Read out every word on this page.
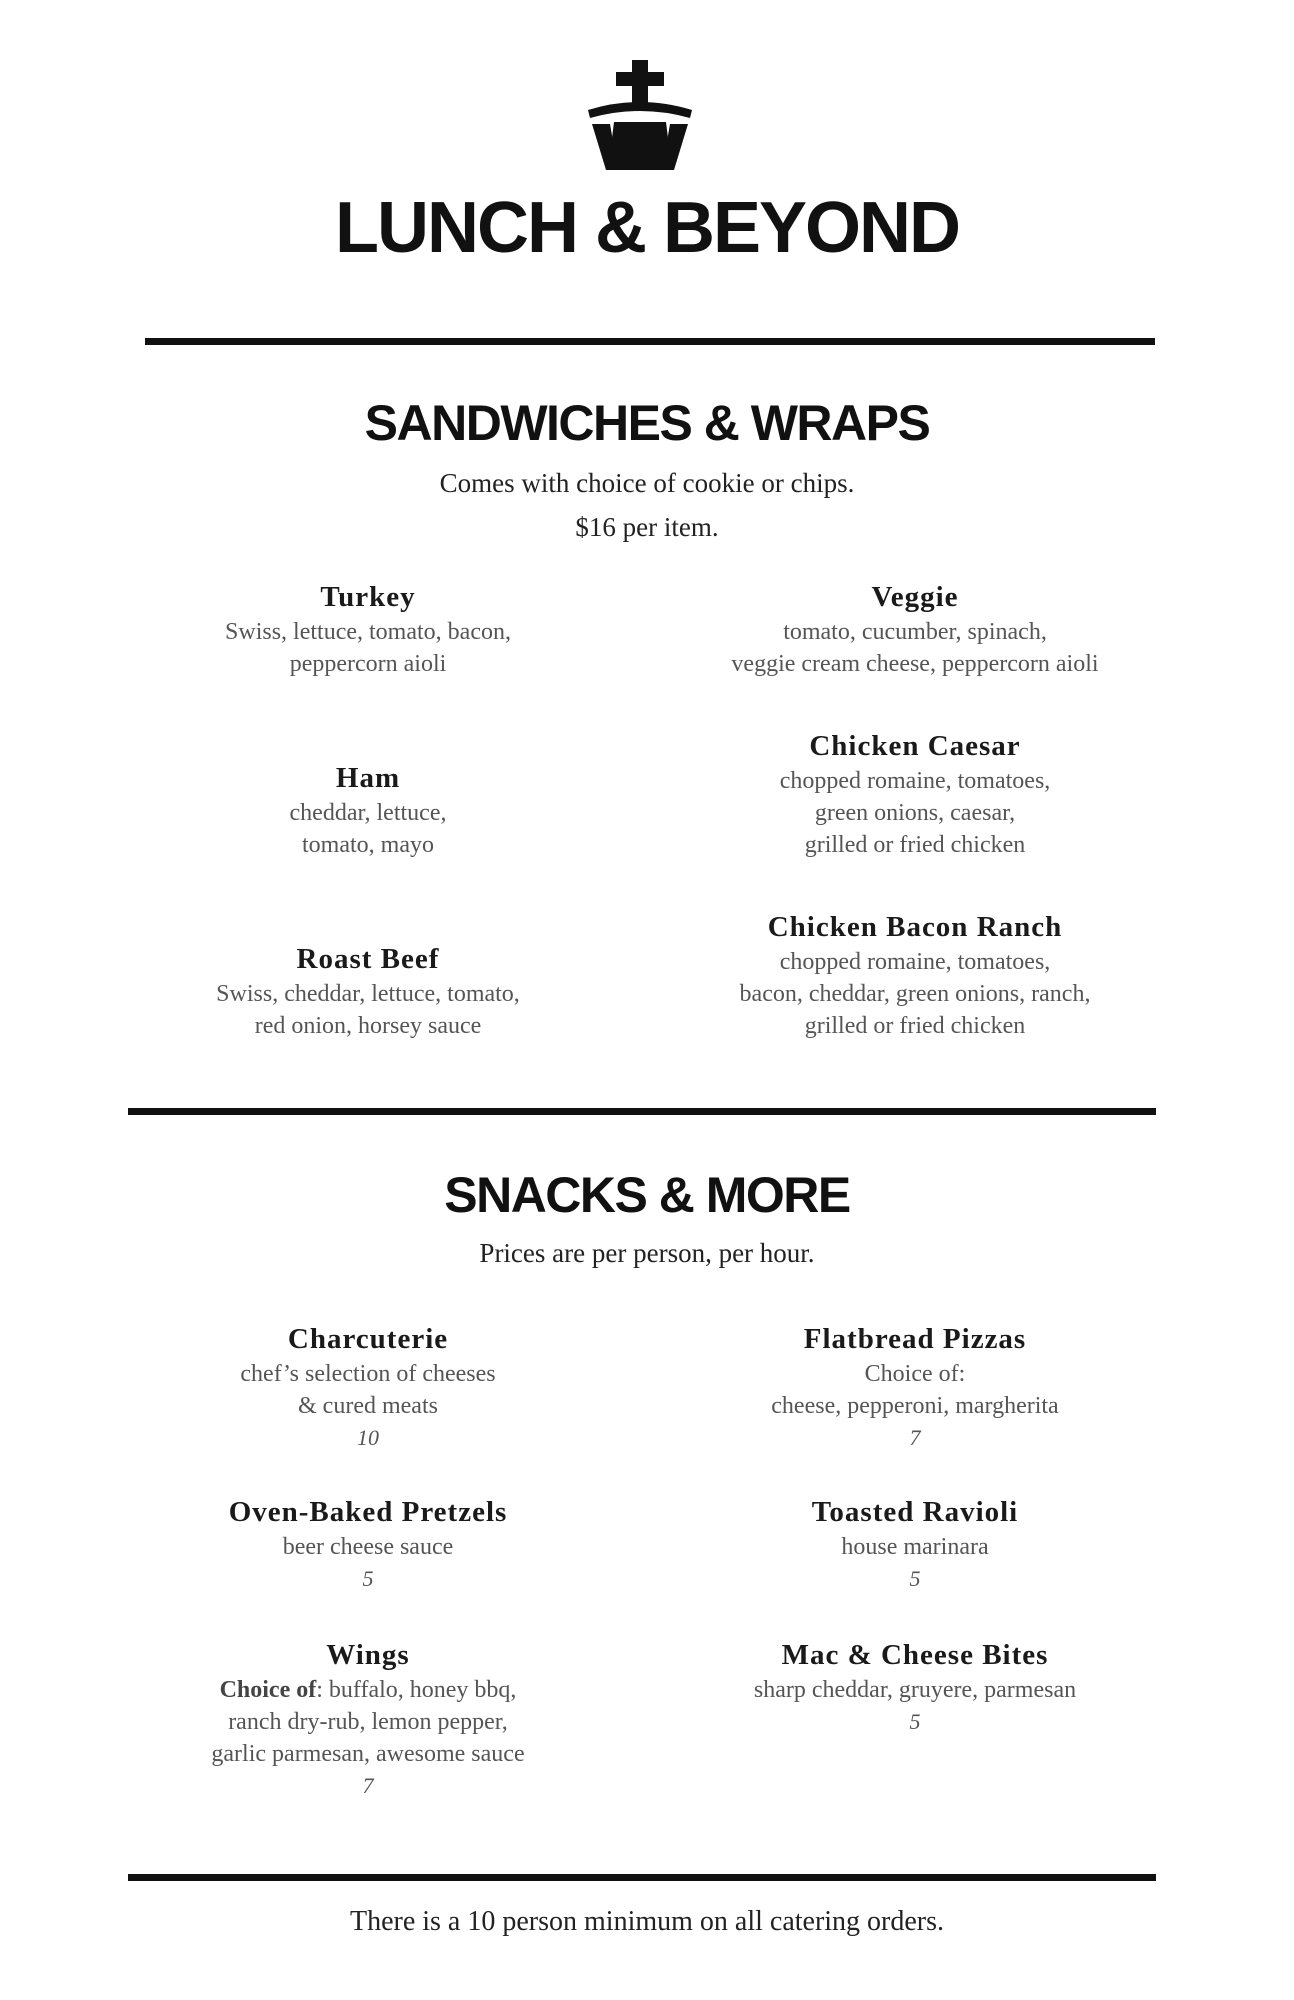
LUNCH & BEYOND
SANDWICHES & WRAPS
Comes with choice of cookie or chips.
$16 per item.
Turkey
Swiss, lettuce, tomato, bacon,
peppercorn aioli
Veggie
tomato, cucumber, spinach,
veggie cream cheese, peppercorn aioli
Ham
cheddar, lettuce,
tomato, mayo
Chicken Caesar
chopped romaine, tomatoes,
green onions, caesar,
grilled or fried chicken
Roast Beef
Swiss, cheddar, lettuce, tomato,
red onion, horsey sauce
Chicken Bacon Ranch
chopped romaine, tomatoes,
bacon, cheddar, green onions, ranch,
grilled or fried chicken
SNACKS & MORE
Prices are per person, per hour.
Charcuterie
chef’s selection of cheeses
& cured meats
10
Flatbread Pizzas
Choice of:
cheese, pepperoni, margherita
7
Oven-Baked Pretzels
beer cheese sauce
5
Toasted Ravioli
house marinara
5
Wings
Choice of: buffalo, honey bbq,
ranch dry-rub, lemon pepper,
garlic parmesan, awesome sauce
7
Mac & Cheese Bites
sharp cheddar, gruyere, parmesan
5
There is a 10 person minimum on all catering orders.
